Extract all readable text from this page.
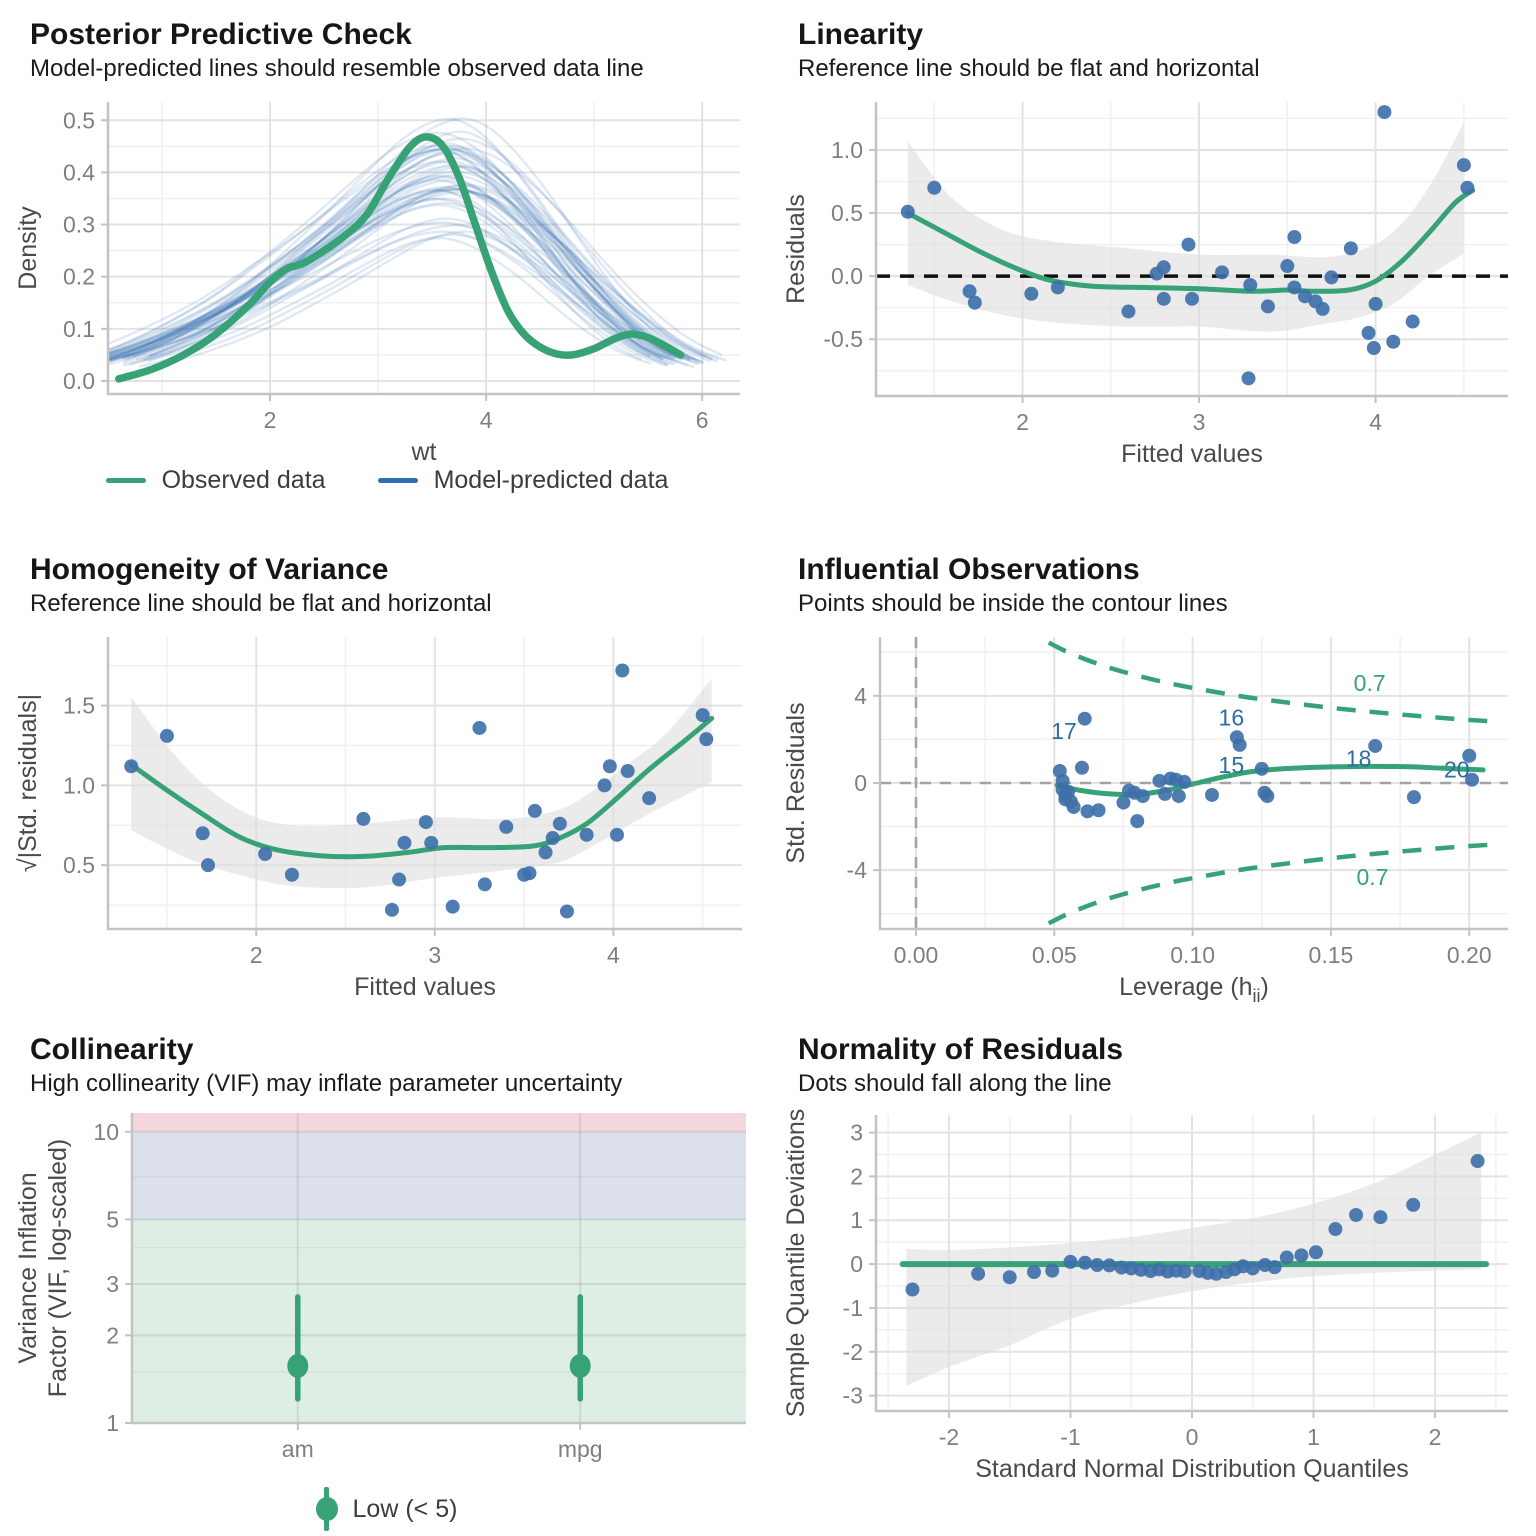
Posterior Predictive Check
Model-predicted lines should resemble observed data line
0.0
0.1
0.2
0.3
0.4
0.5
2	4	6
wt
Density
Observed data	Model-predicted data
Linearity
Reference line should be flat and horizontal
-0.5
0.0
0.5
1.0
2	3	4
Fitted values
Residuals
Homogeneity of Variance
Reference line should be flat and horizontal
0.5
1.0
1.5
2	3	4
Fitted values
√|Std. residuals|
Influential Observations
Points should be inside the contour lines
17
16
15	18	20
0.7
0.7
-4
0
4
0.00	0.05	0.10	0.15	0.20
Leverage $(h_{ii})$
Std. Residuals
Collinearity
High collinearity (VIF) may inflate parameter uncertainty
1
2
3
5
10
am	mpg
Variance Inflation Factor (VIF, log-scaled)
Low (< 5)
Normality of Residuals
Dots should fall along the line
-3
-2
-1
0
1
2
3
-2	-1	0	1	2
Standard Normal Distribution Quantiles
Sample Quantile Deviations
